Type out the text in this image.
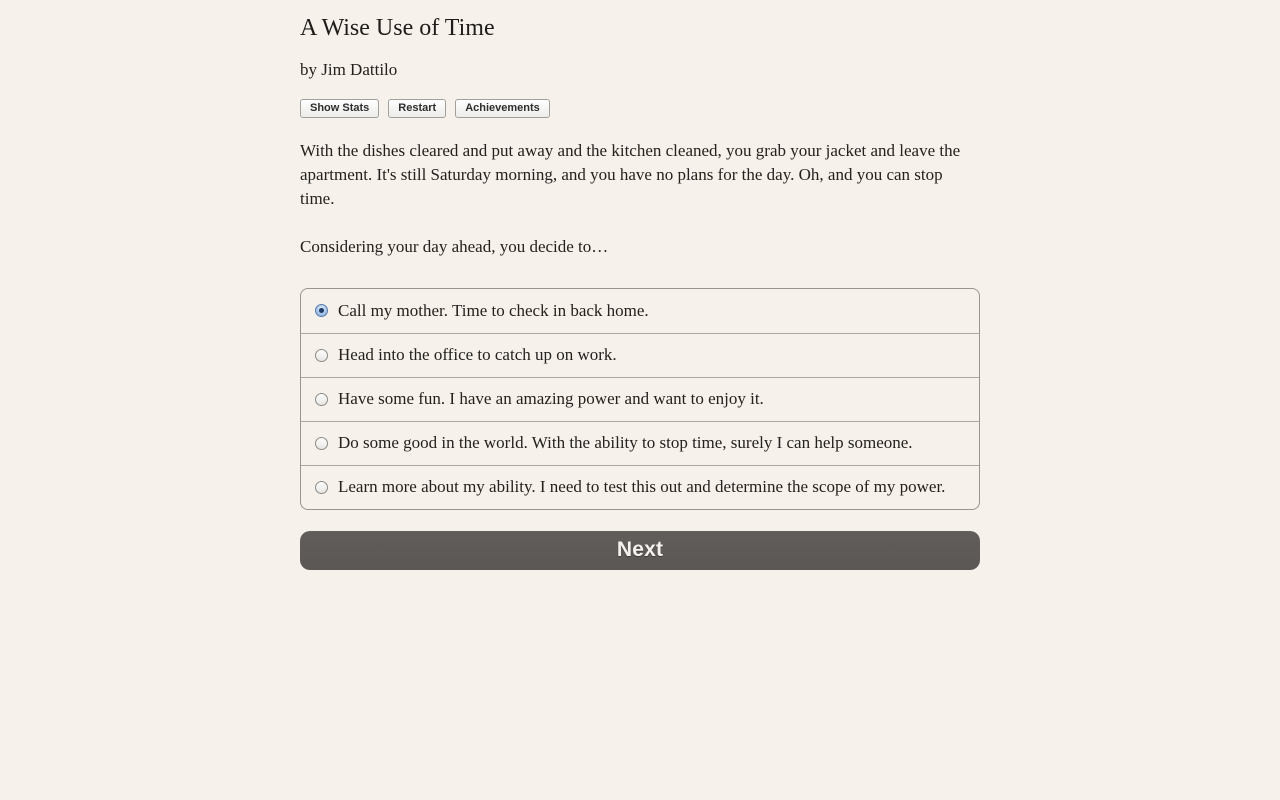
A Wise Use of Time

by Jim Dattilo

Show Stats	Restart	Achievements

With the dishes cleared and put away and the kitchen cleaned, you grab your jacket and leave the apartment. It's still Saturday morning, and you have no plans for the day. Oh, and you can stop time.

Considering your day ahead, you decide to…

Call my mother. Time to check in back home.
Head into the office to catch up on work.
Have some fun. I have an amazing power and want to enjoy it.
Do some good in the world. With the ability to stop time, surely I can help someone.
Learn more about my ability. I need to test this out and determine the scope of my power.
Next
